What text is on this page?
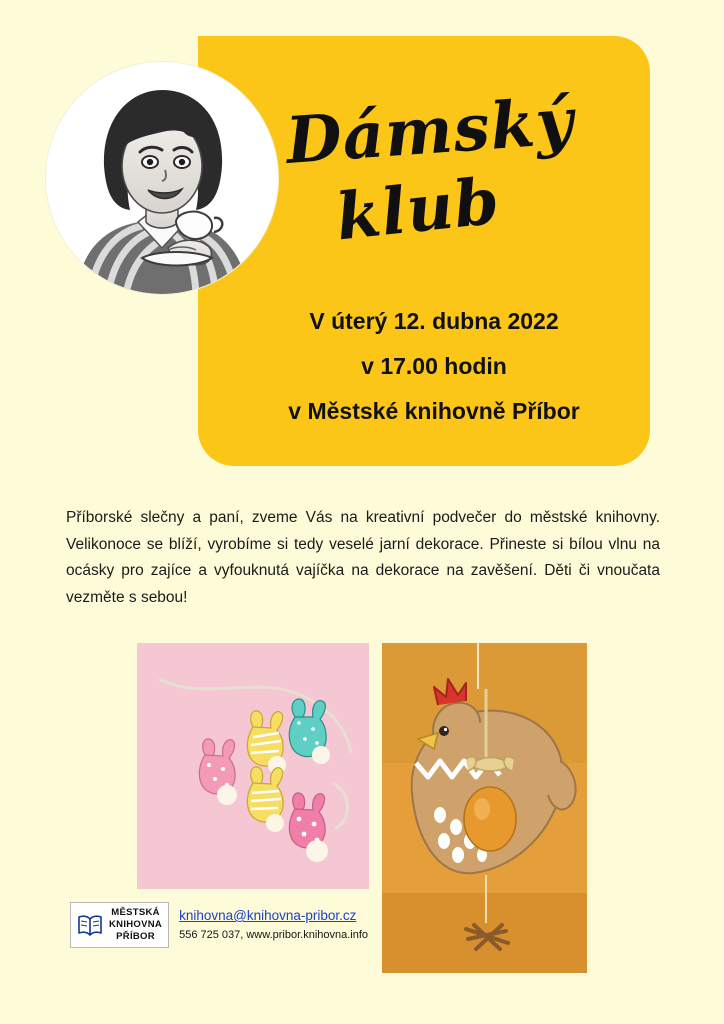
Dámský
klub
V úterý 12. dubna 2022
v 17.00 hodin
v Městské knihovně Příbor
Příborské slečny a paní, zveme Vás na kreativní podvečer do městské knihovny. Velikonoce se blíží, vyrobíme si tedy veselé jarní dekorace. Přineste si bílou vlnu na ocásky pro zajíce a vyfouknutá vajíčka na dekorace na zavěšení. Děti či vnoučata vezměte s sebou!
MĚSTSKÁ
KNIHOVNA
PŘÍBOR
knihovna@knihovna-pribor.cz
556 725 037, www.pribor.knihovna.info
